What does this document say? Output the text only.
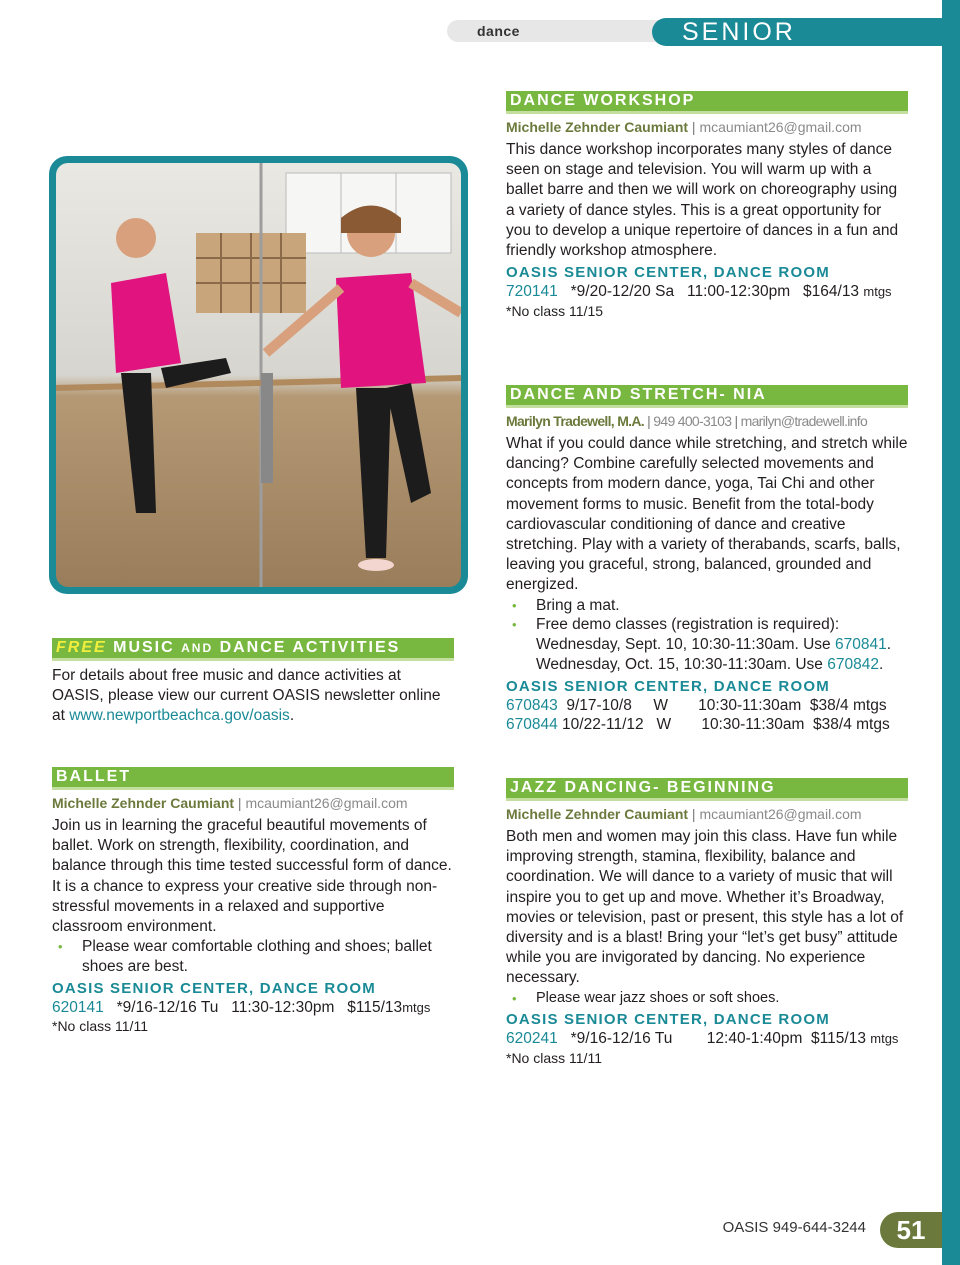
dance	SENIOR SERVICES
DANCE WORKSHOP
Michelle Zehnder Caumiant | mcaumiant26@gmail.com
This dance workshop incorporates many styles of dance seen on stage and television. You will warm up with a ballet barre and then we will work on choreography using a variety of dance styles. This is a great opportunity for you to develop a unique repertoire of dances in a fun and friendly workshop atmosphere.
OASIS SENIOR CENTER, DANCE ROOM
720141   *9/20-12/20 Sa   11:00-12:30pm   $164/13 mtgs
*No class 11/15
DANCE AND STRETCH- NIA
Marilyn Tradewell, M.A. | 949 400-3103 | marilyn@tradewell.info
What if you could dance while stretching, and stretch while dancing? Combine carefully selected movements and concepts from modern dance, yoga, Tai Chi and other movement forms to music. Benefit from the total-body cardiovascular conditioning of dance and creative stretching. Play with a variety of therabands, scarfs, balls, leaving you graceful, strong, balanced, grounded and energized.
• Bring a mat.
• Free demo classes (registration is required):
Wednesday, Sept. 10, 10:30-11:30am. Use 670841.
Wednesday, Oct. 15, 10:30-11:30am. Use 670842.
OASIS SENIOR CENTER, DANCE ROOM
670843  9/17-10/8     W       10:30-11:30am  $38/4 mtgs
670844 10/22-11/12   W       10:30-11:30am  $38/4 mtgs
FREE MUSIC AND DANCE ACTIVITIES
For details about free music and dance activities at OASIS, please view our current OASIS newsletter online at www.newportbeachca.gov/oasis.
BALLET
Michelle Zehnder Caumiant | mcaumiant26@gmail.com
Join us in learning the graceful beautiful movements of ballet. Work on strength, flexibility, coordination, and balance through this time tested successful form of dance. It is a chance to express your creative side through non-stressful movements in a relaxed and supportive classroom environment.
• Please wear comfortable clothing and shoes; ballet shoes are best.
OASIS SENIOR CENTER, DANCE ROOM
620141   *9/16-12/16 Tu   11:30-12:30pm   $115/13mtgs
*No class 11/11
JAZZ DANCING- BEGINNING
Michelle Zehnder Caumiant | mcaumiant26@gmail.com
Both men and women may join this class. Have fun while improving strength, stamina, flexibility, balance and coordination. We will dance to a variety of music that will inspire you to get up and move. Whether it’s Broadway, movies or television, past or present, this style has a lot of diversity and is a blast! Bring your “let’s get busy” attitude while you are invigorated by dancing. No experience necessary.
• Please wear jazz shoes or soft shoes.
OASIS SENIOR CENTER, DANCE ROOM
620241   *9/16-12/16 Tu        12:40-1:40pm  $115/13 mtgs
*No class 11/11
OASIS 949-644-3244	51
